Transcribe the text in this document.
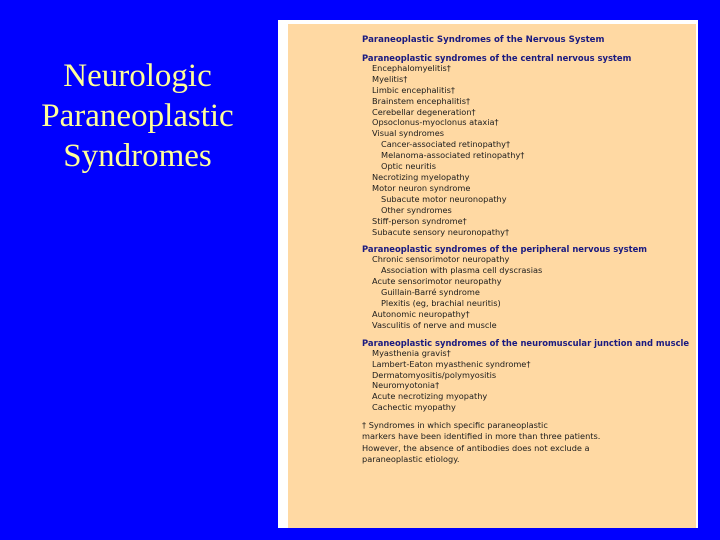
Neurologic
Paraneoplastic
Syndromes
Paraneoplastic Syndromes of the Nervous System
Paraneoplastic syndromes of the central nervous system
Encephalomyelitis†
Myelitis†
Limbic encephalitis†
Brainstem encephalitis†
Cerebellar degeneration†
Opsoclonus-myoclonus ataxia†
Visual syndromes
Cancer-associated retinopathy†
Melanoma-associated retinopathy†
Optic neuritis
Necrotizing myelopathy
Motor neuron syndrome
Subacute motor neuronopathy
Other syndromes
Stiff-person syndrome†
Subacute sensory neuronopathy†
Paraneoplastic syndromes of the peripheral nervous system
Chronic sensorimotor neuropathy
Association with plasma cell dyscrasias
Acute sensorimotor neuropathy
Guillain-Barré syndrome
Plexitis (eg, brachial neuritis)
Autonomic neuropathy†
Vasculitis of nerve and muscle
Paraneoplastic syndromes of the neuromuscular junction and muscle
Myasthenia gravis†
Lambert-Eaton myasthenic syndrome†
Dermatomyositis/polymyositis
Neuromyotonia†
Acute necrotizing myopathy
Cachectic myopathy
† Syndromes in which specific paraneoplastic
markers have been identified in more than three patients.
However, the absence of antibodies does not exclude a
paraneoplastic etiology.
